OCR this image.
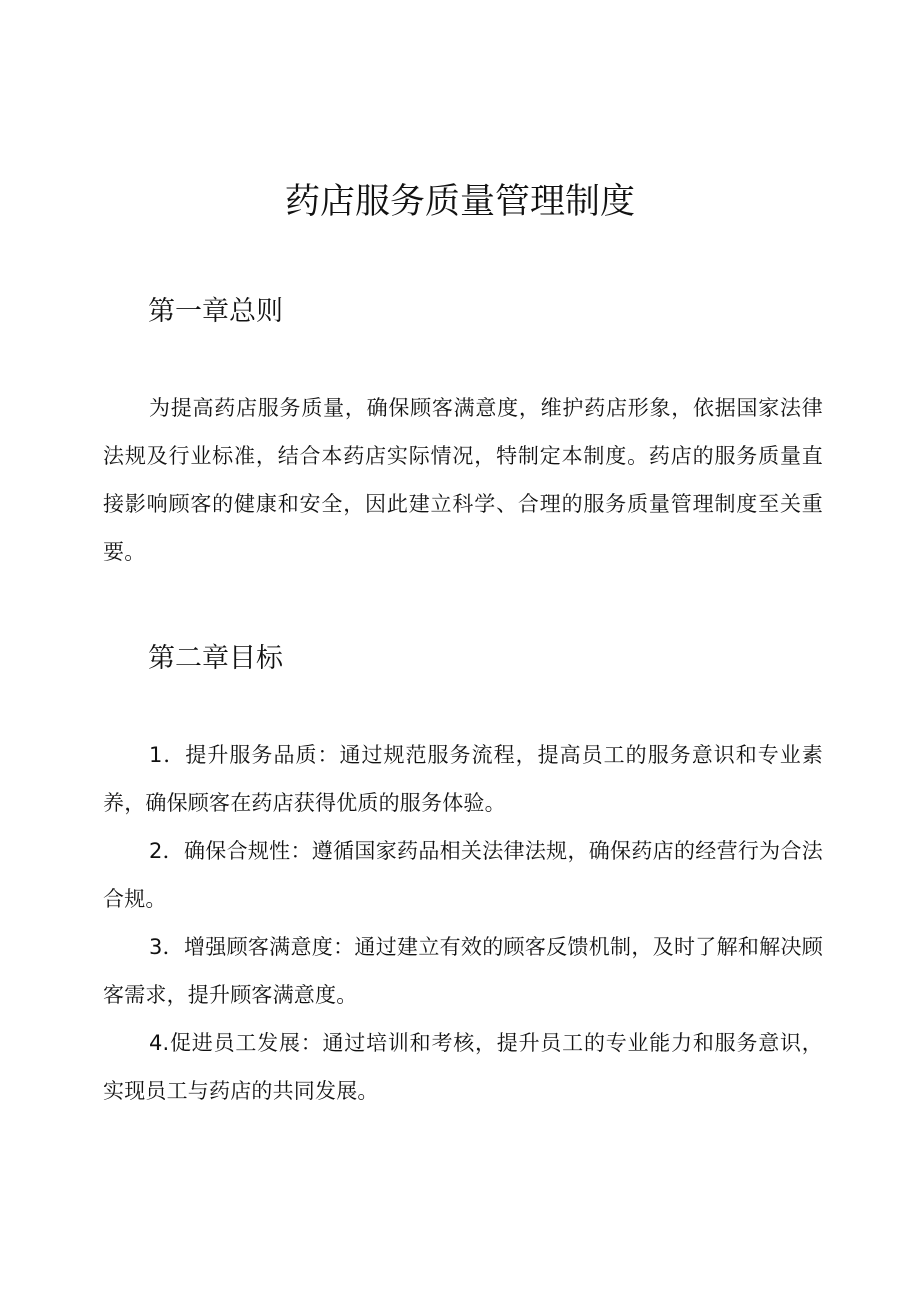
药店服务质量管理制度
第一章总则

为提高药店服务质量，确保顾客满意度，维护药店形象，依据国家法律法规及行业标准，结合本药店实际情况，特制定本制度。药店的服务质量直接影响顾客的健康和安全，因此建立科学、合理的服务质量管理制度至关重要。

第二章目标

1．提升服务品质：通过规范服务流程，提高员工的服务意识和专业素养，确保顾客在药店获得优质的服务体验。

2．确保合规性：遵循国家药品相关法律法规，确保药店的经营行为合法合规。

3．增强顾客满意度：通过建立有效的顾客反馈机制，及时了解和解决顾客需求，提升顾客满意度。

4.促进员工发展：通过培训和考核，提升员工的专业能力和服务意识，实现员工与药店的共同发展。
